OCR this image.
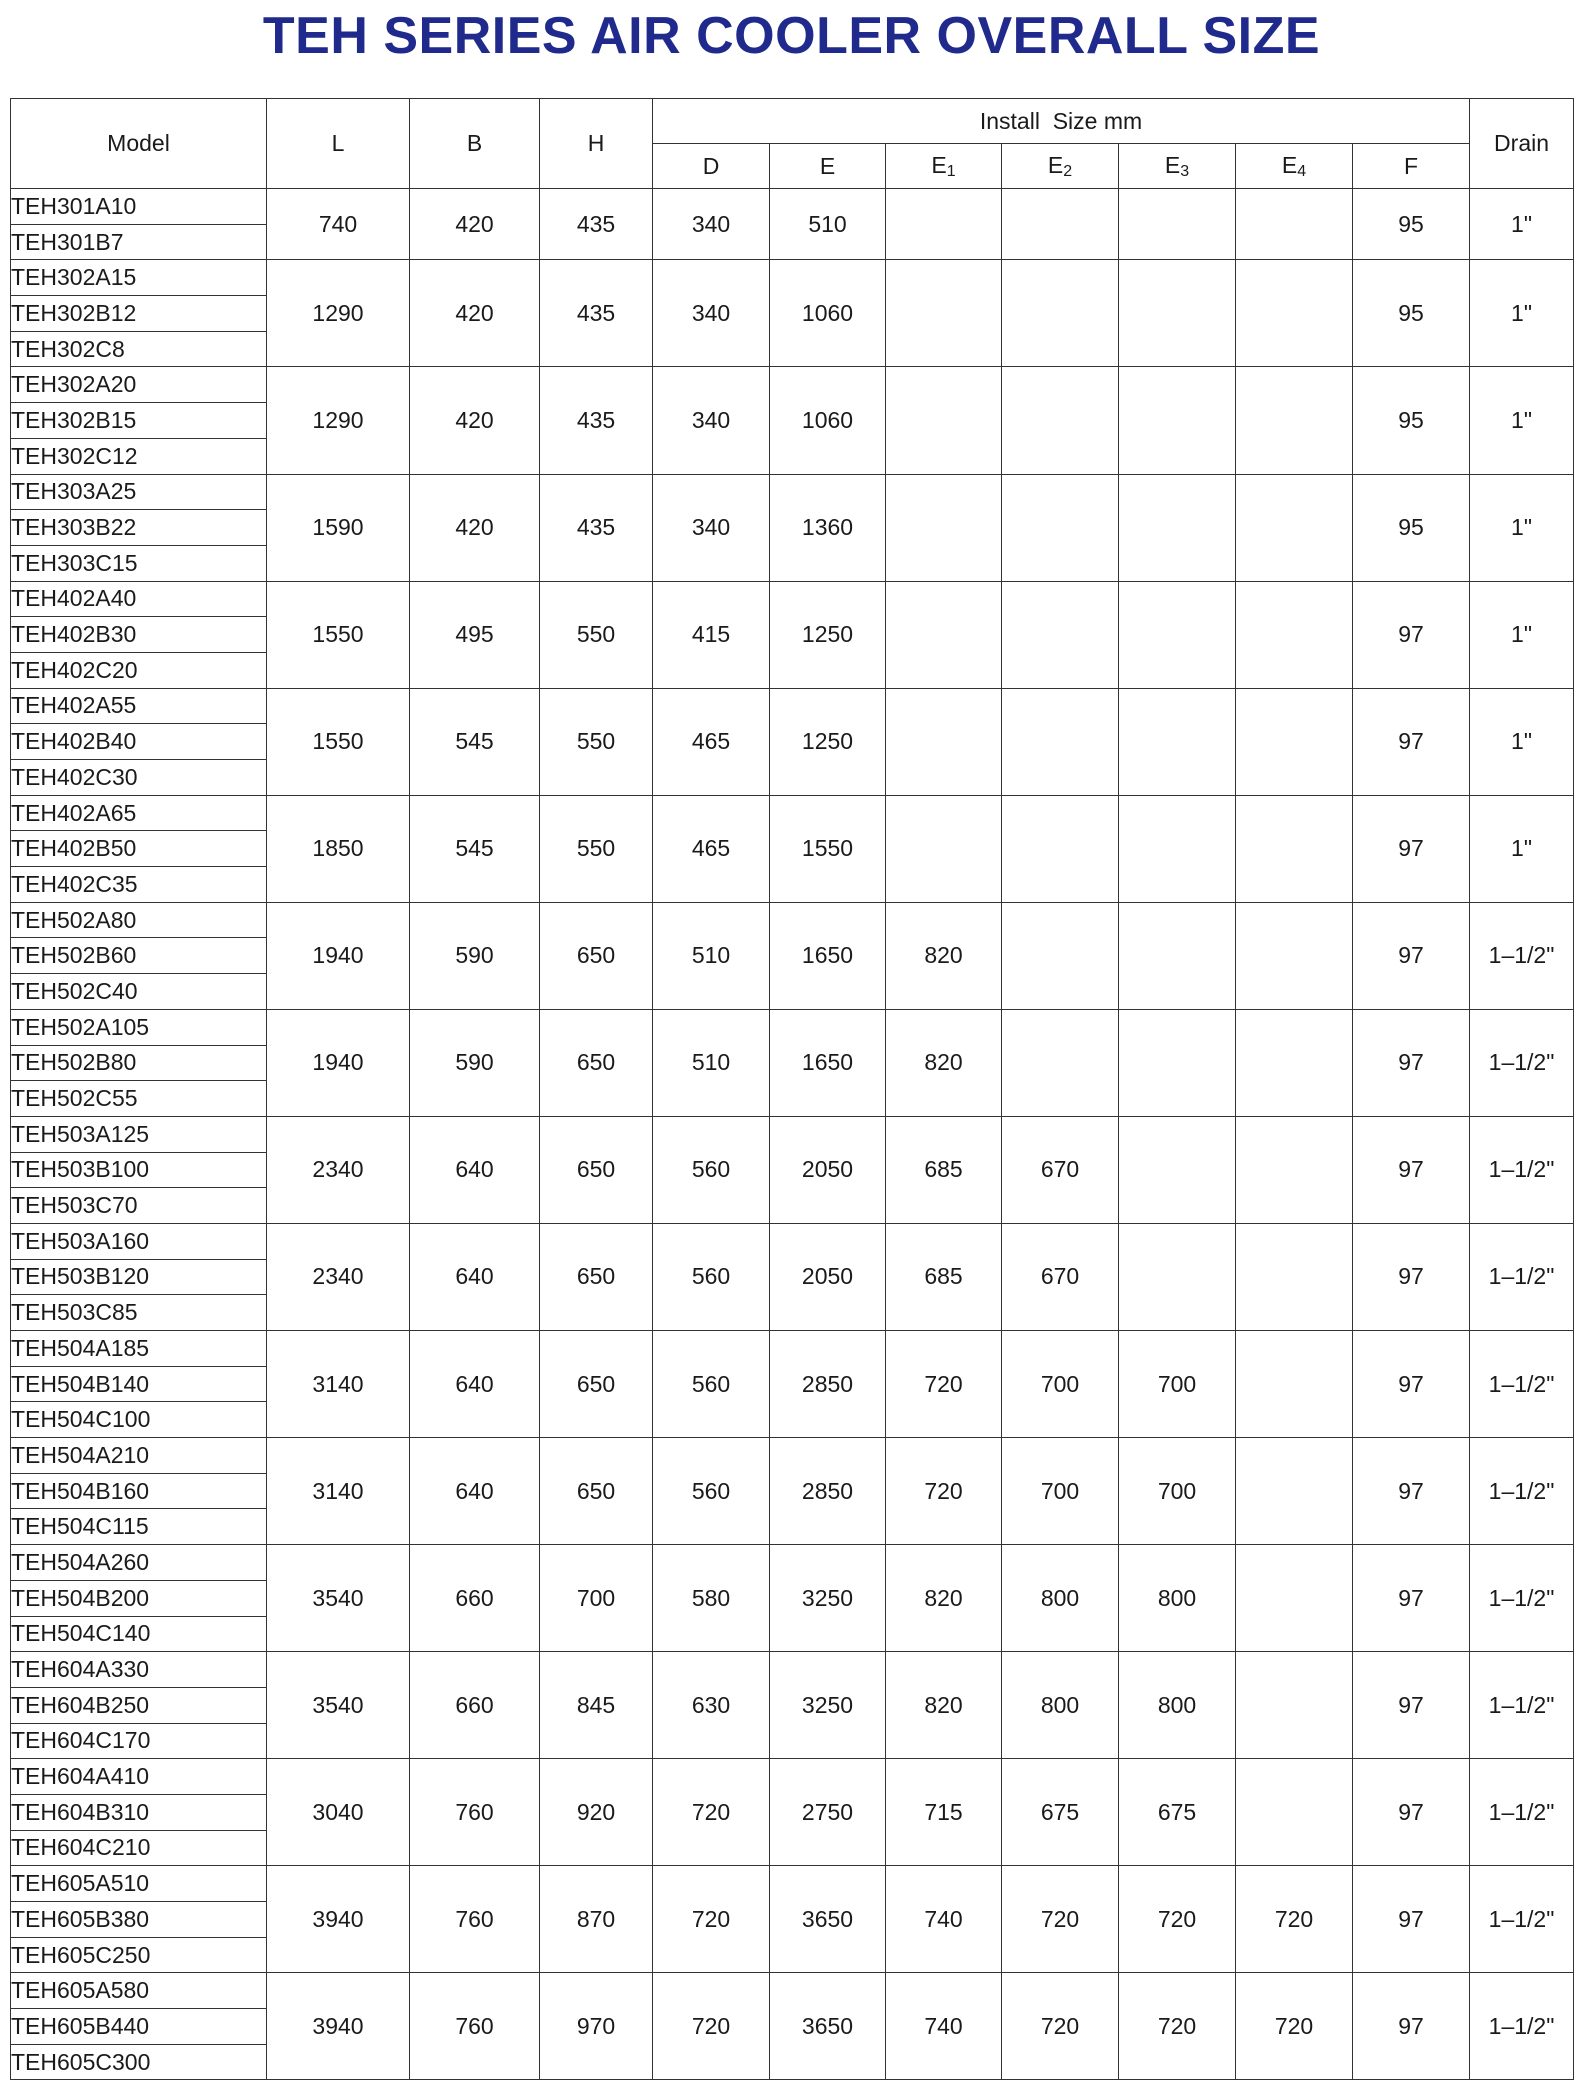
TEH SERIES AIR COOLER OVERALL SIZE
Model	L	B	H	Install  Size mm							Drain
				D	E	$E_1$	$E_2$	$E_3$	$E_4$	F	
TEH301A10	740	420	435	340	510					95	1"
TEH301B7											
TEH302A15	1290	420	435	340	1060					95	1"
TEH302B12											
TEH302C8											
TEH302A20	1290	420	435	340	1060					95	1"
TEH302B15											
TEH302C12											
TEH303A25	1590	420	435	340	1360					95	1"
TEH303B22											
TEH303C15											
TEH402A40	1550	495	550	415	1250					97	1"
TEH402B30											
TEH402C20											
TEH402A55	1550	545	550	465	1250					97	1"
TEH402B40											
TEH402C30											
TEH402A65	1850	545	550	465	1550					97	1"
TEH402B50											
TEH402C35											
TEH502A80	1940	590	650	510	1650	820				97	1–1/2"
TEH502B60											
TEH502C40											
TEH502A105	1940	590	650	510	1650	820				97	1–1/2"
TEH502B80											
TEH502C55											
TEH503A125	2340	640	650	560	2050	685	670			97	1–1/2"
TEH503B100											
TEH503C70											
TEH503A160	2340	640	650	560	2050	685	670			97	1–1/2"
TEH503B120											
TEH503C85											
TEH504A185	3140	640	650	560	2850	720	700	700		97	1–1/2"
TEH504B140											
TEH504C100											
TEH504A210	3140	640	650	560	2850	720	700	700		97	1–1/2"
TEH504B160											
TEH504C115											
TEH504A260	3540	660	700	580	3250	820	800	800		97	1–1/2"
TEH504B200											
TEH504C140											
TEH604A330	3540	660	845	630	3250	820	800	800		97	1–1/2"
TEH604B250											
TEH604C170											
TEH604A410	3040	760	920	720	2750	715	675	675		97	1–1/2"
TEH604B310											
TEH604C210											
TEH605A510	3940	760	870	720	3650	740	720	720	720	97	1–1/2"
TEH605B380											
TEH605C250											
TEH605A580	3940	760	970	720	3650	740	720	720	720	97	1–1/2"
TEH605B440											
TEH605C300											
